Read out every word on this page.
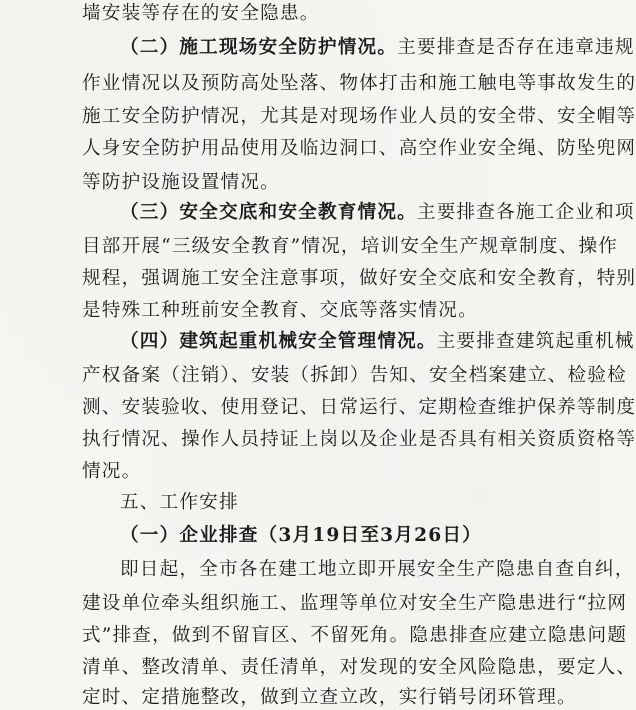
墙安装等存在的安全隐患。
（二）施工现场安全防护情况。主要排查是否存在违章违规
作业情况以及预防高处坠落、物体打击和施工触电等事故发生的
施工安全防护情况，尤其是对现场作业人员的安全带、安全帽等
人身安全防护用品使用及临边洞口、高空作业安全绳、防坠兜网
等防护设施设置情况。
（三）安全交底和安全教育情况。主要排查各施工企业和项
目部开展“三级安全教育”情况，培训安全生产规章制度、操作
规程，强调施工安全注意事项，做好安全交底和安全教育，特别
是特殊工种班前安全教育、交底等落实情况。
（四）建筑起重机械安全管理情况。主要排查建筑起重机械
产权备案（注销）、安装（拆卸）告知、安全档案建立、检验检
测、安装验收、使用登记、日常运行、定期检查维护保养等制度
执行情况、操作人员持证上岗以及企业是否具有相关资质资格等
情况。
五、工作安排
（一）企业排查（3月19日至3月26日）
即日起，全市各在建工地立即开展安全生产隐患自查自纠，
建设单位牵头组织施工、监理等单位对安全生产隐患进行“拉网
式”排查，做到不留盲区、不留死角。隐患排查应建立隐患问题
清单、整改清单、责任清单，对发现的安全风险隐患，要定人、
定时、定措施整改，做到立查立改，实行销号闭环管理。
